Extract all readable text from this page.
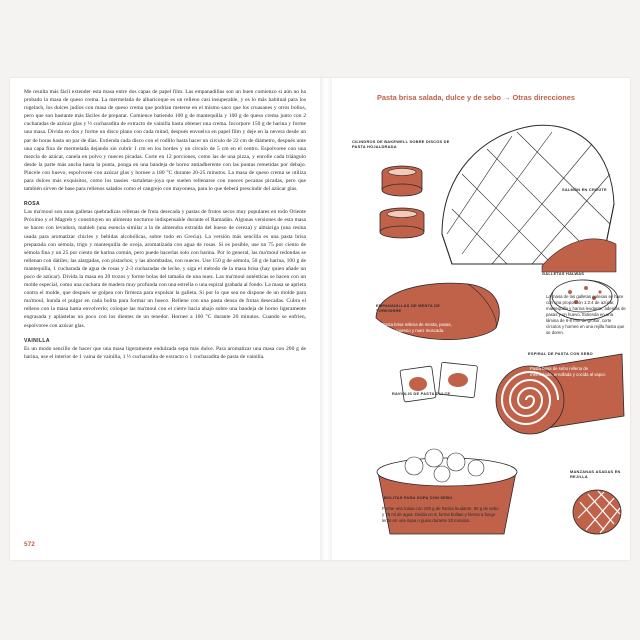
Me resulta más fácil extender esta masa entre dos capas de papel film. Las empanadillas son un buen comienzo si aún no ha probado la masa de queso crema. La mermelada de albaricoque es un relleno casi insuperable, y es lo más habitual para los rugelach, los dulces judíos con masa de queso crema que podrían meterse en el mismo saco que los cruasanes y otros bollos, pero que son bastante más fáciles de preparar. Comience batiendo 100 g de mantequilla y 100 g de queso crema junto con 2 cucharadas de azúcar glas y ½ cucharadita de extracto de vainilla hasta obtener una crema. Incorpore 150 g de harina y forme una masa. Divida en dos y forme un disco plano con cada mitad, después envuelva en papel film y deje en la nevera desde un par de horas hasta un par de días. Extienda cada disco con el rodillo hasta hacer un círculo de 22 cm de diámetro, después unte una capa fina de mermelada dejando sin cubrir 1 cm en los bordes y un círculo de 5 cm en el centro. Espolvoree con una mezcla de azúcar, canela en polvo y nueces picadas. Corte en 12 porciones, como las de una pizza, y enrolle cada triángulo desde la parte más ancha hasta la punta, ponga en una bandeja de horno antiadherente con las puntas remetidas por debajo. Pincele con huevo, espolvoree con azúcar glas y hornee a 180 °C durante 20-25 minutos. La masa de queso crema se utiliza para dulces más exquisitos, como los tassies -tartaletas-joya que suelen rellenarse con nueces pecanas picadas, pero que también sirven de base para rellenos salados como el cangrejo con mayonesa, para lo que deberá prescindir del azúcar glas.

ROSA

Las ma'moul son unas galletas quebradizas rellenas de fruta desecada y pastas de frutos secos muy populares en todo Oriente Próximo y el Magreb y constituyen un alimento nocturno indispensable durante el Ramadán. Algunas versiones de esta masa se hacen con levadura, mahleb (una esencia similar a la de almendra extraída del hueso de cereza) y almáciga (una resina usada para aromatizar chicles y bebidas alcohólicas, sobre todo en Grecia). La versión más sencilla es una pasta brisa preparada con sémola, trigo y mantequilla de oveja, aromatizada con agua de rosas. Si es posible, use un 75 por ciento de sémola fina y un 25 por ciento de harina común, pero puede hacerlas solo con harina. Por lo general, las ma'moul redondas se rellenan con dátiles; las alargadas, con pistachos; y las abombadas, con nueces. Use 150 g de sémola, 50 g de harina, 100 g de mantequilla, 1 cucharada de agua de rosas y 2-3 cucharadas de leche, y siga el método de la masa brisa (hay quien añade un poco de azúcar). Divida la masa en 20 trozos y forme bolas del tamaño de una nuez. Las ma'moul auténticas se hacen con un molde especial, como una cuchara de madera muy profunda con una estrella o una espiral grabada al fondo. La masa se aprieta contra el molde, que después se golpea con firmeza para expulsar la galleta. Si por lo que sea no dispone de un molde para ma'moul, hunda el pulgar en cada bolita para formar un hueco. Rellene con una pasta densa de frutas desecadas. Cubra el relleno con la masa hasta envolverlo; coloque las ma'moul con el cierre hacia abajo sobre una bandeja de horno ligeramente engrasada y aplástelas un poco con los dientes de un tenedor. Hornee a 160 °C durante 20 minutos. Cuando se enfríen, espolvoree con azúcar glas.

VAINILLA

Es un modo sencillo de hacer que una masa ligeramente endulzada sepa más dulce. Para aromatizar una masa con 200 g de harina, use el interior de 1 vaina de vainilla, 1 ½ cucharadita de extracto o 1 cucharadita de pasta de vainilla.

572
Pasta brisa salada, dulce y de sebo → Otras direcciones
CILINDROS DE BAKEWELL SOBRE DISCOS DE PASTA HOJALDRADA
SALMÓN EN CROÛTE
GALLETAS HALWAS
EMPANADILLAS DE MENTA DE YORKSHIRE
ESPIRAL DE PASTA CON SEBO
RAVIOLIS DE PASTA DULCE
BOLITAS PARA SOPA CON SEBO
MANZANAS ASADAS EN REJILLA
La masa de las galletas gulesas se hace con una proporción 1:2:4 de azúcar, mantequilla y harina leudante, además de pasas y un huevo. Extienda en una lámina de 6-8 mm de grosor, corte círculos y hornee en una rejilla hasta que se doren.
Pasta brisa rellena de menta, pasas, azúcar moreno y nuez moscada.
Pasta brisa de sebo rellena de mermelada, enrollada y cocida al vapor.
Forme una masa con 100 g de harina leudante, 50 g de sebo y 75 ml de agua. Divida en 8, forme bolitas y hierva a fuego lento en una sopa o guiso durante 20 minutos.
